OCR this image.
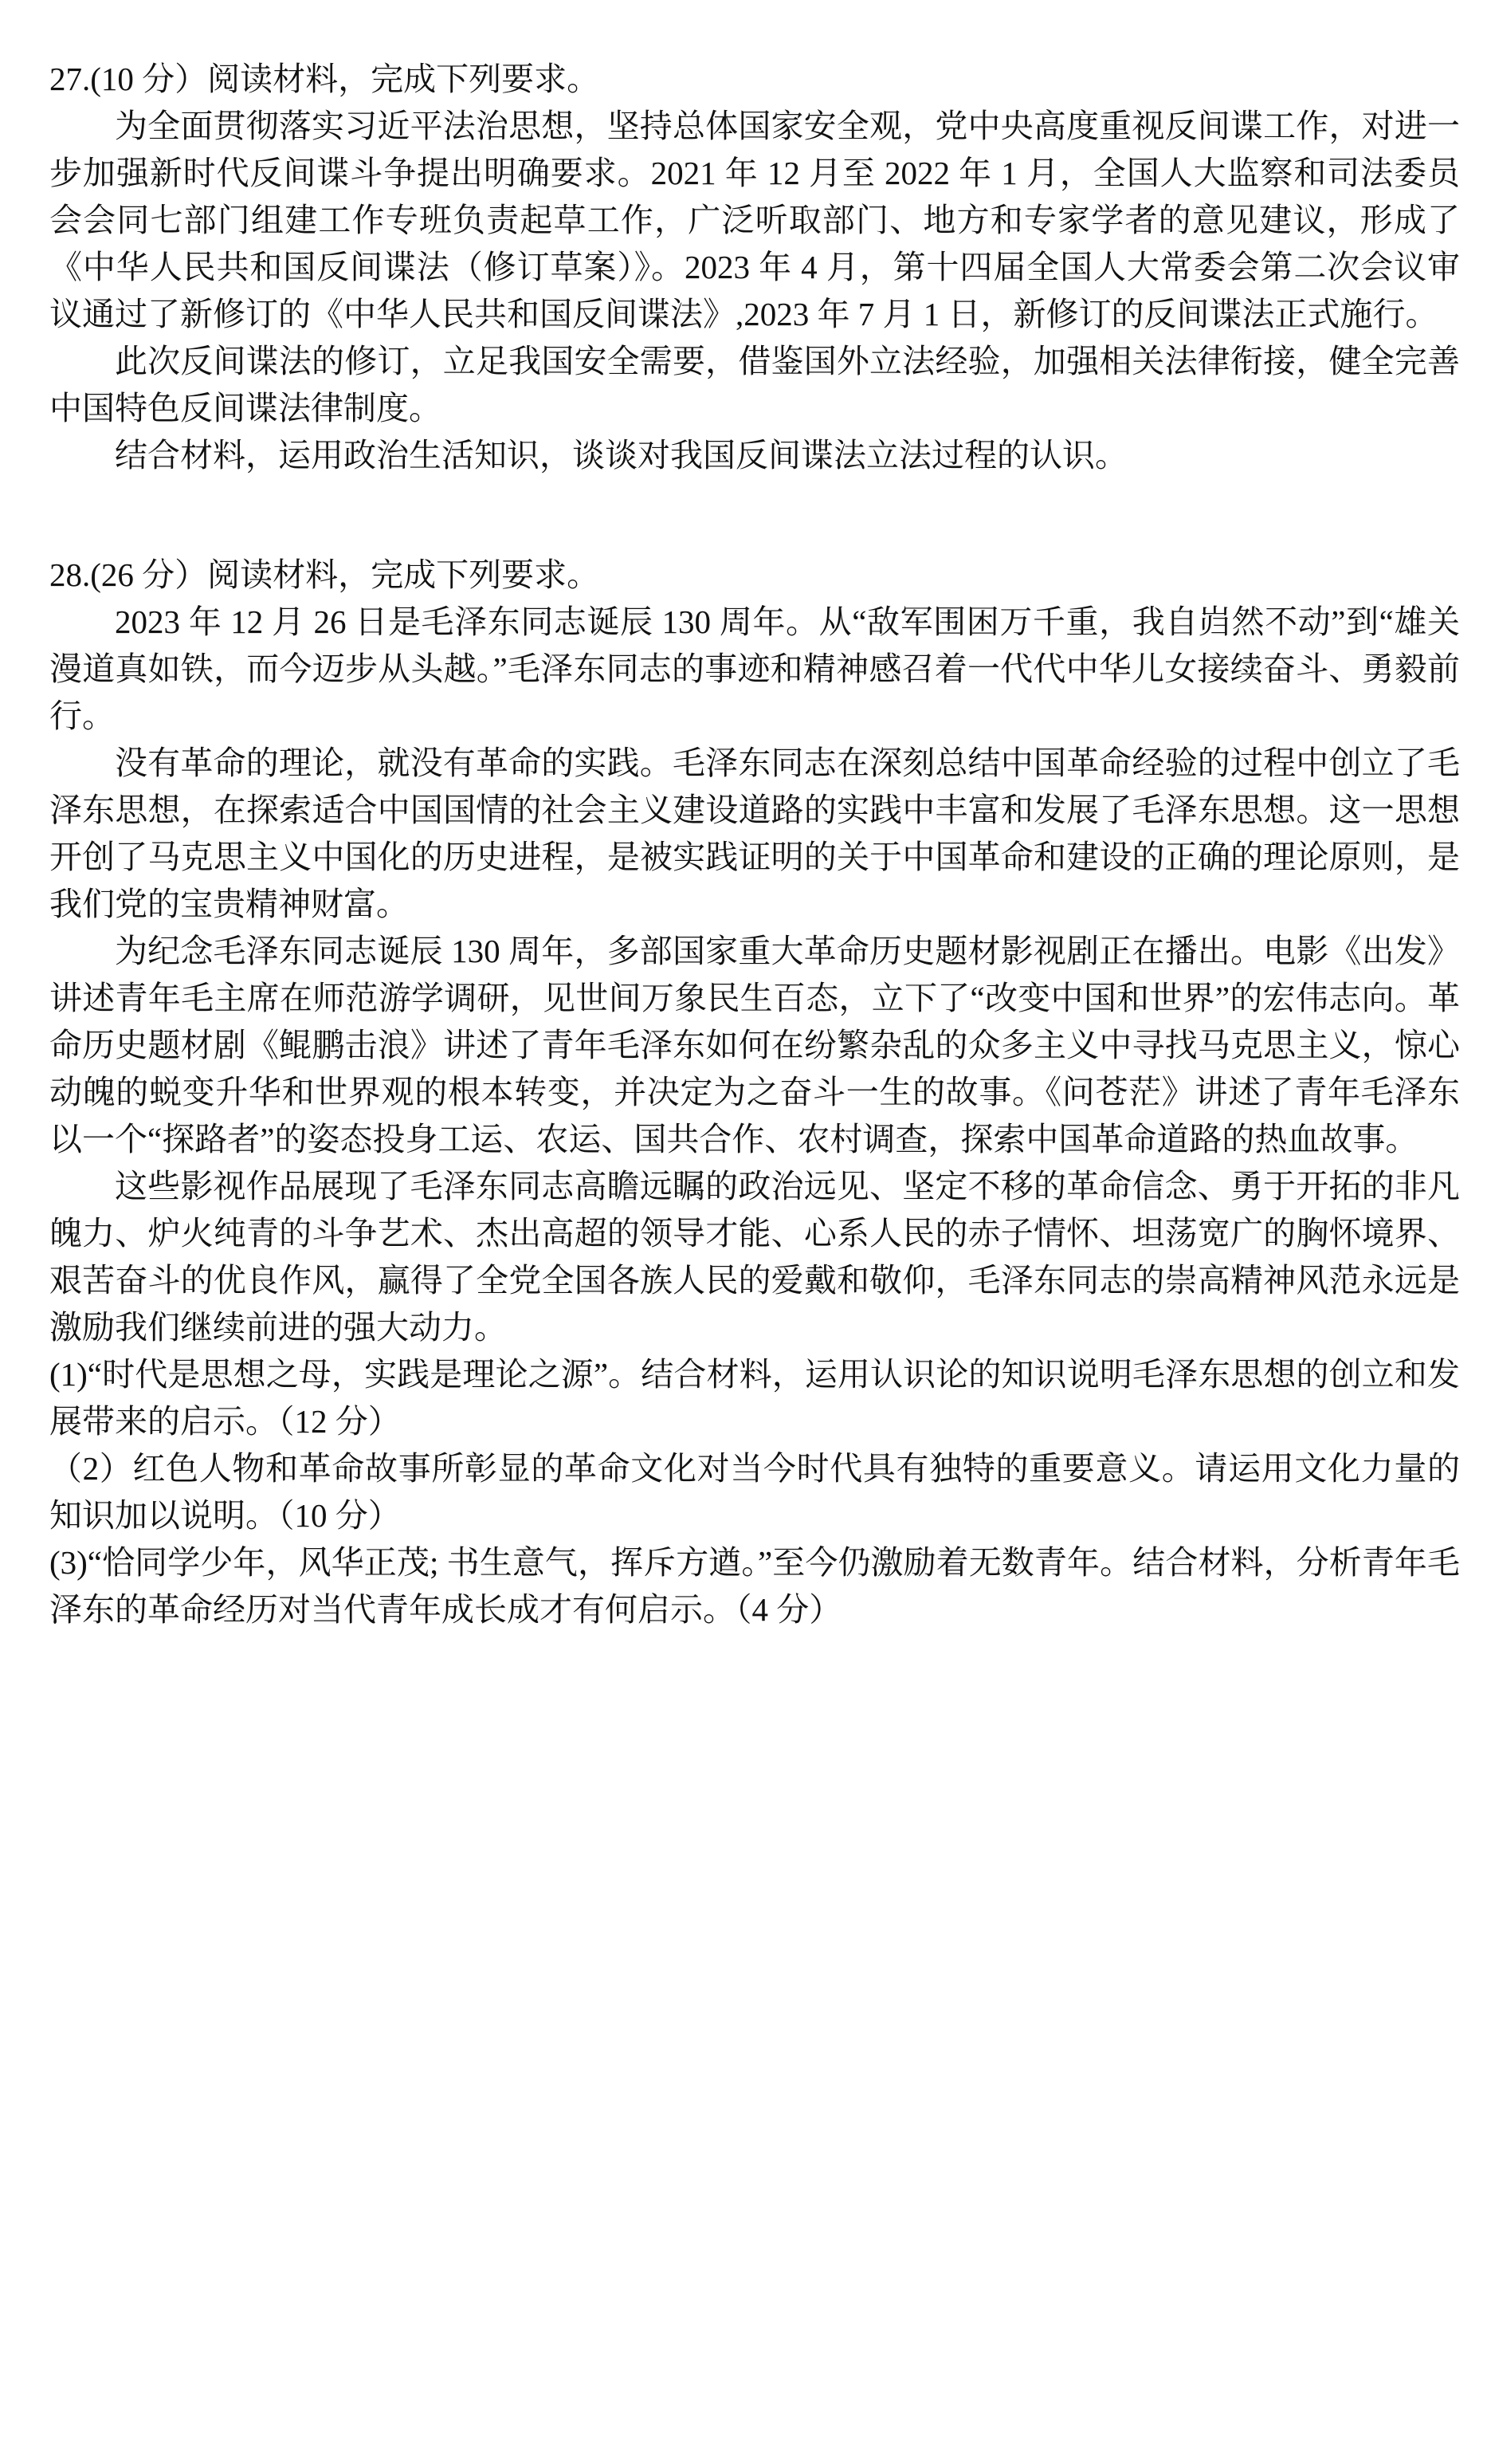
27.(10 分）阅读材料，完成下列要求。

为全面贯彻落实习近平法治思想，坚持总体国家安全观，党中央高度重视反间谍工作，对进一步加强新时代反间谍斗争提出明确要求。2021 年 12 月至 2022 年 1 月，全国人大监察和司法委员会会同七部门组建工作专班负责起草工作，广泛听取部门、地方和专家学者的意见建议，形成了《中华人民共和国反间谍法（修订草案）》。2023 年 4 月，第十四届全国人大常委会第二次会议审议通过了新修订的《中华人民共和国反间谍法》,2023 年 7 月 1 日，新修订的反间谍法正式施行。

此次反间谍法的修订，立足我国安全需要，借鉴国外立法经验，加强相关法律衔接，健全完善中国特色反间谍法律制度。

结合材料，运用政治生活知识，谈谈对我国反间谍法立法过程的认识。

28.(26 分）阅读材料，完成下列要求。

2023 年 12 月 26 日是毛泽东同志诞辰 130 周年。从“敌军围困万千重，我自岿然不动”到“雄关漫道真如铁，而今迈步从头越。”毛泽东同志的事迹和精神感召着一代代中华儿女接续奋斗、勇毅前行。

没有革命的理论，就没有革命的实践。毛泽东同志在深刻总结中国革命经验的过程中创立了毛泽东思想，在探索适合中国国情的社会主义建设道路的实践中丰富和发展了毛泽东思想。这一思想开创了马克思主义中国化的历史进程，是被实践证明的关于中国革命和建设的正确的理论原则，是我们党的宝贵精神财富。

为纪念毛泽东同志诞辰 130 周年，多部国家重大革命历史题材影视剧正在播出。电影《出发》讲述青年毛主席在师范游学调研，见世间万象民生百态，立下了“改变中国和世界”的宏伟志向。革命历史题材剧《鲲鹏击浪》讲述了青年毛泽东如何在纷繁杂乱的众多主义中寻找马克思主义，惊心动魄的蜕变升华和世界观的根本转变，并决定为之奋斗一生的故事。《问苍茫》讲述了青年毛泽东以一个“探路者”的姿态投身工运、农运、国共合作、农村调查，探索中国革命道路的热血故事。

这些影视作品展现了毛泽东同志高瞻远瞩的政治远见、坚定不移的革命信念、勇于开拓的非凡魄力、炉火纯青的斗争艺术、杰出高超的领导才能、心系人民的赤子情怀、坦荡宽广的胸怀境界、艰苦奋斗的优良作风，赢得了全党全国各族人民的爱戴和敬仰，毛泽东同志的崇高精神风范永远是激励我们继续前进的强大动力。

(1)“时代是思想之母，实践是理论之源”。结合材料，运用认识论的知识说明毛泽东思想的创立和发展带来的启示。（12 分）

（2）红色人物和革命故事所彰显的革命文化对当今时代具有独特的重要意义。请运用文化力量的知识加以说明。（10 分）

(3)“恰同学少年，风华正茂; 书生意气，挥斥方遒。”至今仍激励着无数青年。结合材料，分析青年毛泽东的革命经历对当代青年成长成才有何启示。（4 分）
